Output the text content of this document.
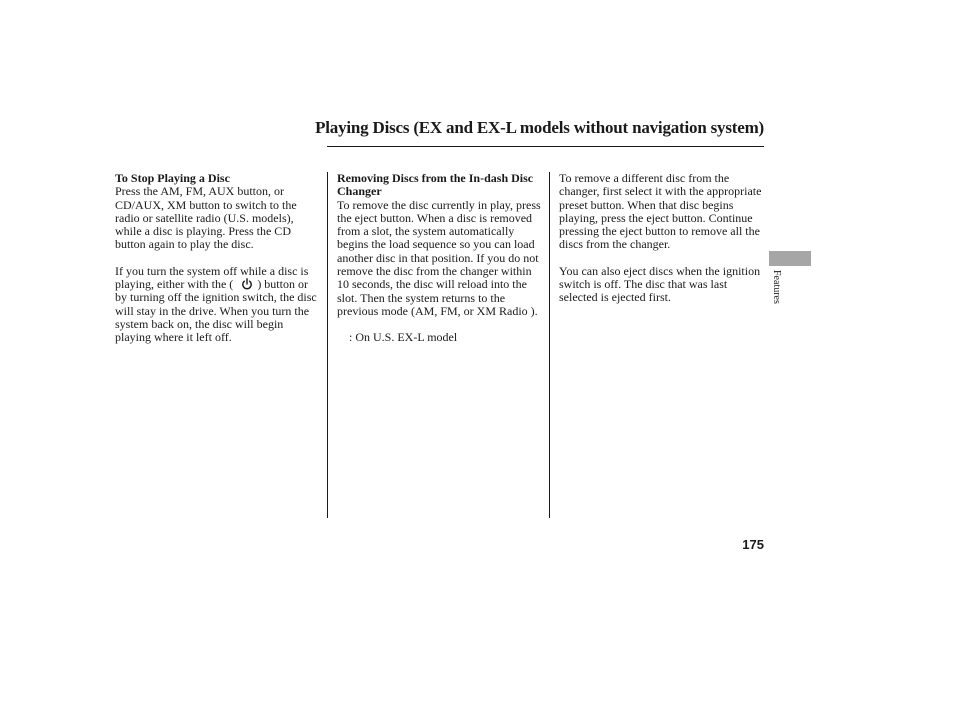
Playing Discs (EX and EX-L models without navigation system)
To Stop Playing a Disc

Press the AM, FM, AUX button, or CD/AUX, XM button to switch to the radio or satellite radio (U.S. models), while a disc is playing. Press the CD button again to play the disc.

If you turn the system off while a disc is playing, either with the ( ) button or by turning off the ignition switch, the disc will stay in the drive. When you turn the system back on, the disc will begin playing where it left off.

Removing Discs from the In-dash Disc Changer

To remove the disc currently in play, press the eject button. When a disc is removed from a slot, the system automatically begins the load sequence so you can load another disc in that position. If you do not remove the disc from the changer within 10 seconds, the disc will reload into the slot. Then the system returns to the previous mode (AM, FM, or XM Radio ).

: On U.S. EX-L model

To remove a different disc from the changer, first select it with the appropriate preset button. When that disc begins playing, press the eject button. Continue pressing the eject button to remove all the discs from the changer.

You can also eject discs when the ignition switch is off. The disc that was last selected is ejected first.	Features
175
